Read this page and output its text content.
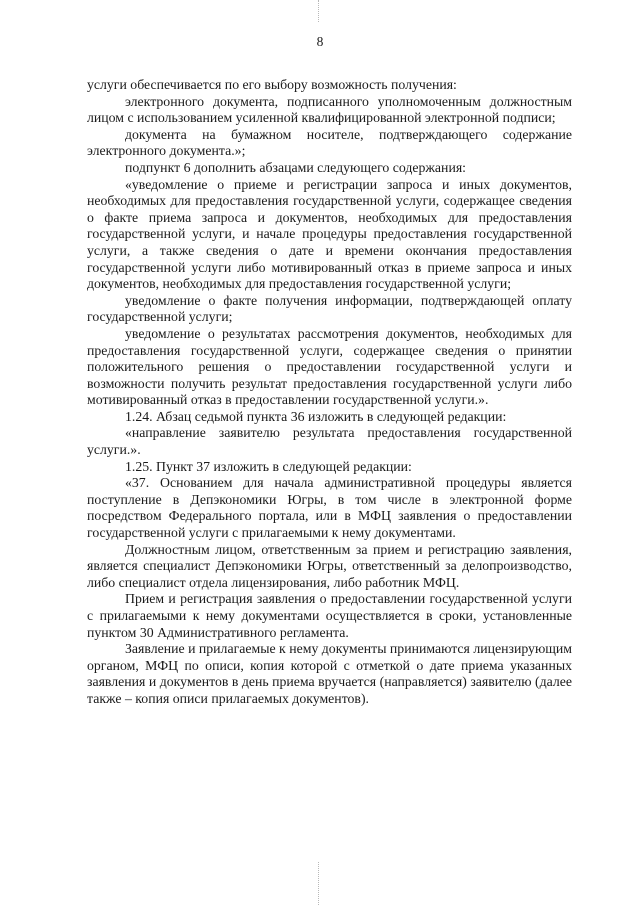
8

услуги обеспечивается по его выбору возможность получения:

электронного документа, подписанного уполномоченным должностным лицом с использованием усиленной квалифицированной электронной подписи;

документа на бумажном носителе, подтверждающего содержание электронного документа.»;

подпункт 6 дополнить абзацами следующего содержания:

«уведомление о приеме и регистрации запроса и иных документов, необходимых для предоставления государственной услуги, содержащее сведения о факте приема запроса и документов, необходимых для предоставления государственной услуги, и начале процедуры предоставления государственной услуги, а также сведения о дате и времени окончания предоставления государственной услуги либо мотивированный отказ в приеме запроса и иных документов, необходимых для предоставления государственной услуги;

уведомление о факте получения информации, подтверждающей оплату государственной услуги;

уведомление о результатах рассмотрения документов, необходимых для предоставления государственной услуги, содержащее сведения о принятии положительного решения о предоставлении государственной услуги и возможности получить результат предоставления государственной услуги либо мотивированный отказ в предоставлении государственной услуги.».

1.24. Абзац седьмой пункта 36 изложить в следующей редакции:

«направление заявителю результата предоставления государственной услуги.».

1.25. Пункт 37 изложить в следующей редакции:

«37. Основанием для начала административной процедуры является поступление в Депэкономики Югры, в том числе в электронной форме посредством Федерального портала, или в МФЦ заявления о предоставлении государственной услуги с прилагаемыми к нему документами.

Должностным лицом, ответственным за прием и регистрацию заявления, является специалист Депэкономики Югры, ответственный за делопроизводство, либо специалист отдела лицензирования, либо работник МФЦ.

Прием и регистрация заявления о предоставлении государственной услуги с прилагаемыми к нему документами осуществляется в сроки, установленные пунктом 30 Административного регламента.

Заявление и прилагаемые к нему документы принимаются лицензирующим органом, МФЦ по описи, копия которой с отметкой о дате приема указанных заявления и документов в день приема вручается (направляется) заявителю (далее также – копия описи прилагаемых документов).
